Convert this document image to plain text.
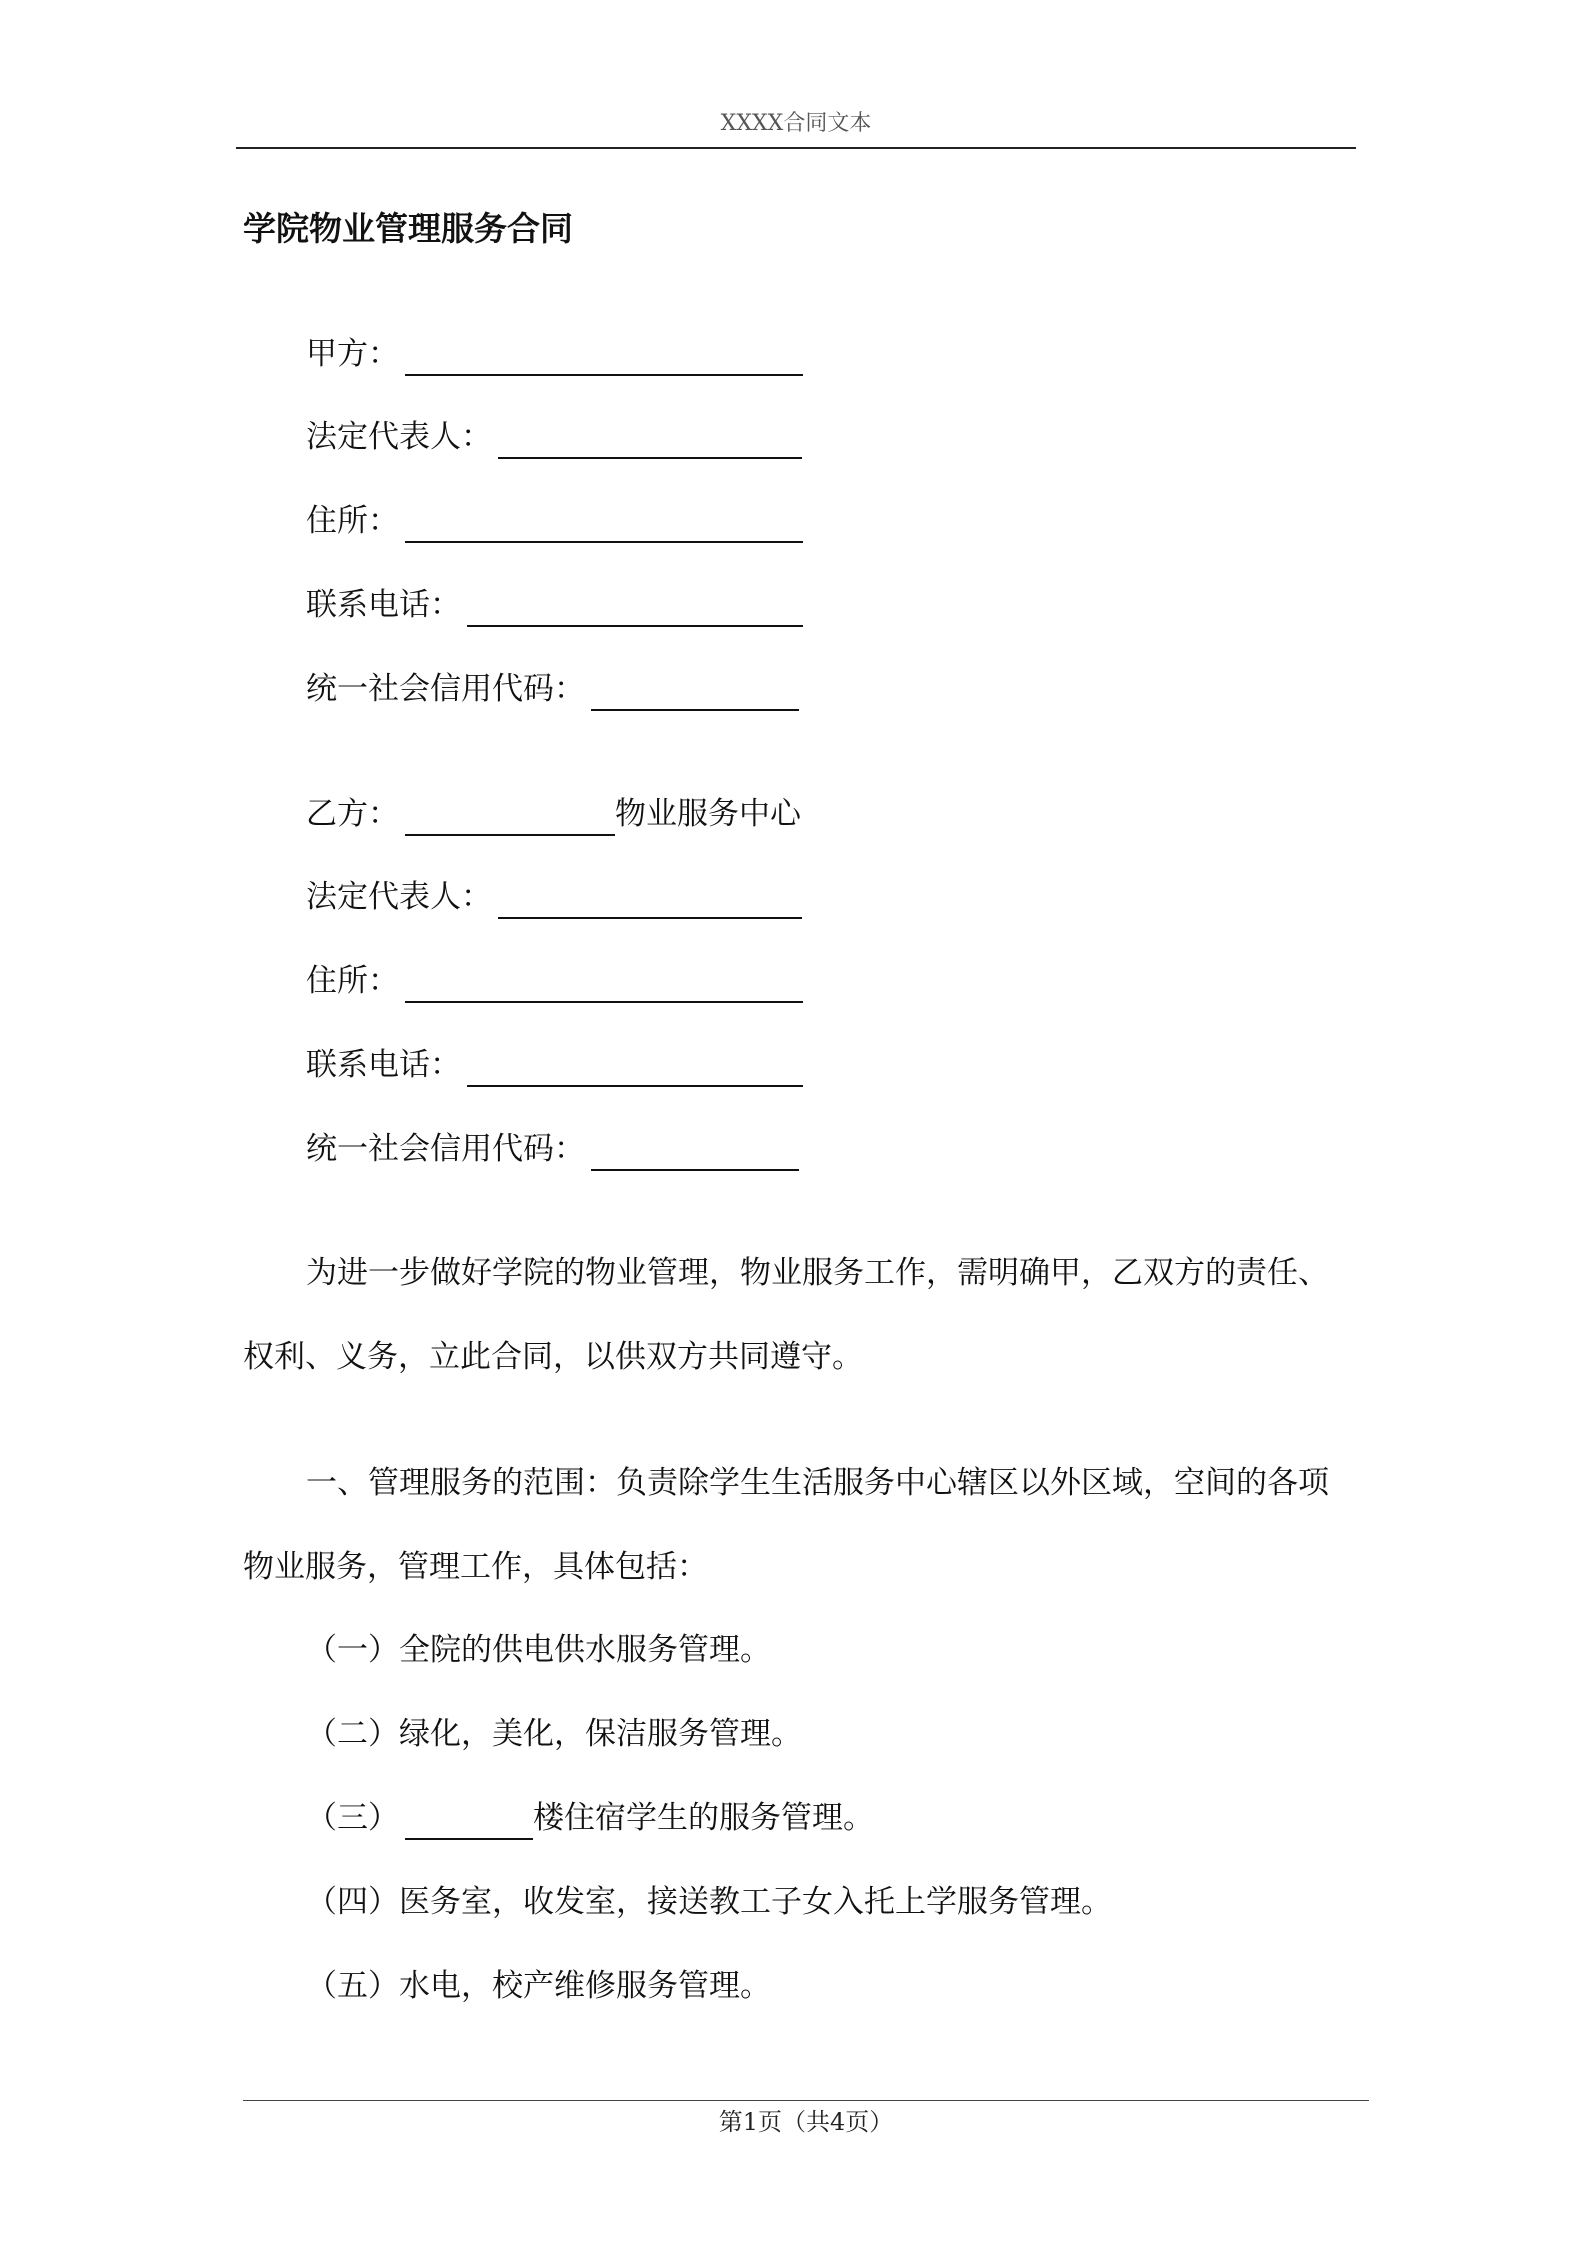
XXXX合同文本
学院物业管理服务合同
甲方：
法定代表人：
住所：
联系电话：
统一社会信用代码：
乙方：	物业服务中心
法定代表人：
住所：
联系电话：
统一社会信用代码：
为进一步做好学院的物业管理，物业服务工作，需明确甲，乙双方的责任、
权利、义务，立此合同，以供双方共同遵守。
一、管理服务的范围：负责除学生生活服务中心辖区以外区域，空间的各项
物业服务，管理工作，具体包括：
（一）全院的供电供水服务管理。
（二）绿化，美化，保洁服务管理。
（三）	楼住宿学生的服务管理。
（四）医务室，收发室，接送教工子女入托上学服务管理。
（五）水电，校产维修服务管理。
第1页（共4页）
